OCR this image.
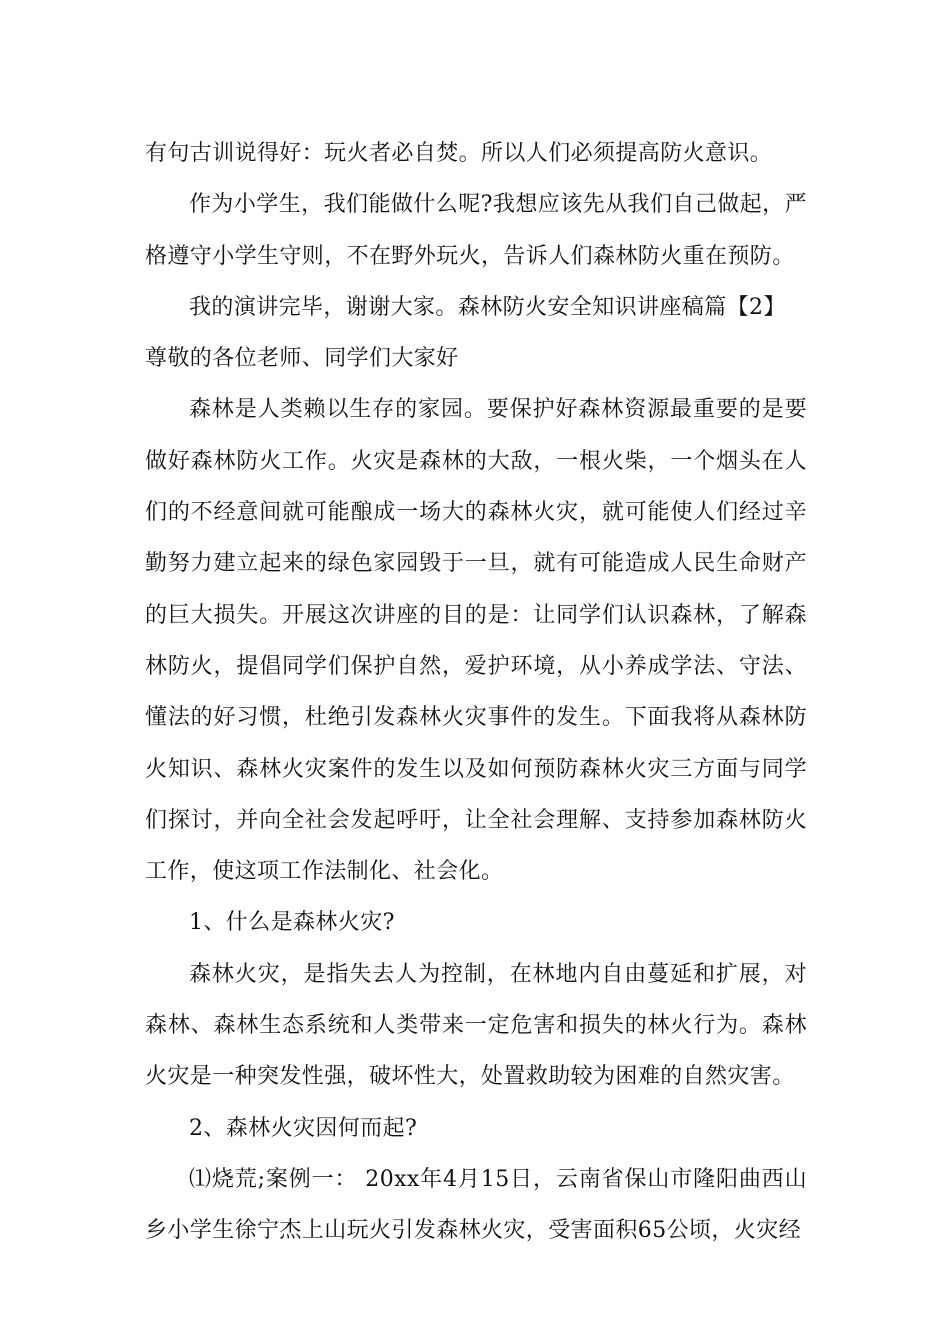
有句古训说得好：玩火者必自焚。所以人们必须提高防火意识。

作为小学生，我们能做什么呢?我想应该先从我们自己做起，严格遵守小学生守则，不在野外玩火，告诉人们森林防火重在预防。

我的演讲完毕，谢谢大家。森林防火安全知识讲座稿篇【2】

尊敬的各位老师、同学们大家好

森林是人类赖以生存的家园。要保护好森林资源最重要的是要做好森林防火工作。火灾是森林的大敌，一根火柴，一个烟头在人们的不经意间就可能酿成一场大的森林火灾，就可能使人们经过辛勤努力建立起来的绿色家园毁于一旦，就有可能造成人民生命财产的巨大损失。开展这次讲座的目的是：让同学们认识森林，了解森林防火，提倡同学们保护自然，爱护环境，从小养成学法、守法、懂法的好习惯，杜绝引发森林火灾事件的发生。下面我将从森林防火知识、森林火灾案件的发生以及如何预防森林火灾三方面与同学们探讨，并向全社会发起呼吁，让全社会理解、支持参加森林防火工作，使这项工作法制化、社会化。

1、什么是森林火灾?

森林火灾，是指失去人为控制，在林地内自由蔓延和扩展，对森林、森林生态系统和人类带来一定危害和损失的林火行为。森林火灾是一种突发性强，破坏性大，处置救助较为困难的自然灾害。

2、森林火灾因何而起?

⑴烧荒;案例一： 20xx年4月15日，云南省保山市隆阳曲西山乡小学生徐宁杰上山玩火引发森林火灾，受害面积65公顷，火灾经
